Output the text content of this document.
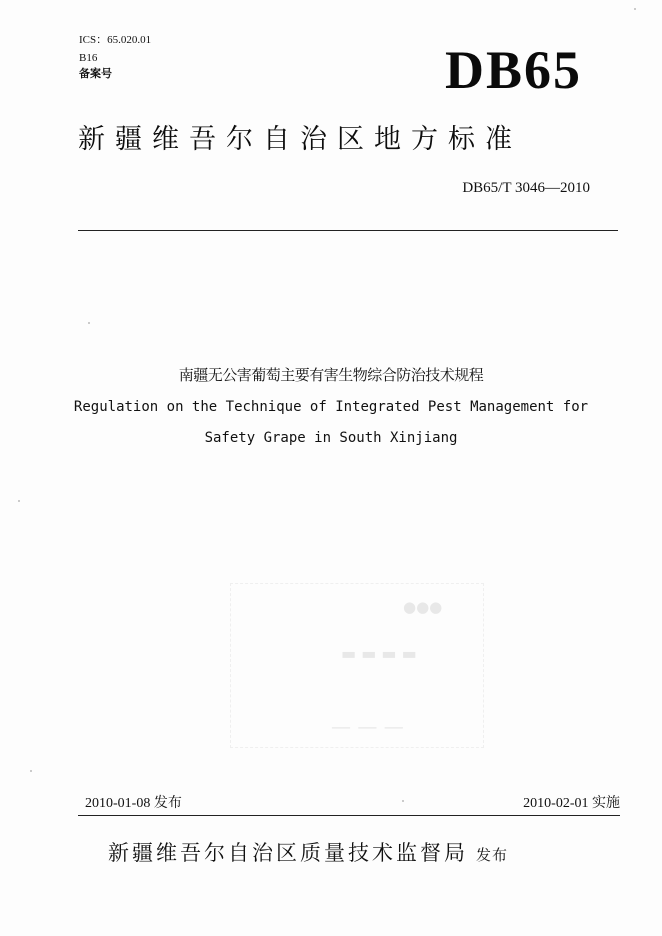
ICS：65.020.01
B16
备案号	DB65
新疆维吾尔自治区地方标准
DB65/T 3046—2010
南疆无公害葡萄主要有害生物综合防治技术规程
Regulation on the Technique of Integrated Pest Management for
Safety Grape in South Xinjiang
●●●
▬ ▬ ▬ ▬
— — —
2010-01-08 发布	2010-02-01 实施
新疆维吾尔自治区质量技术监督局 发布
